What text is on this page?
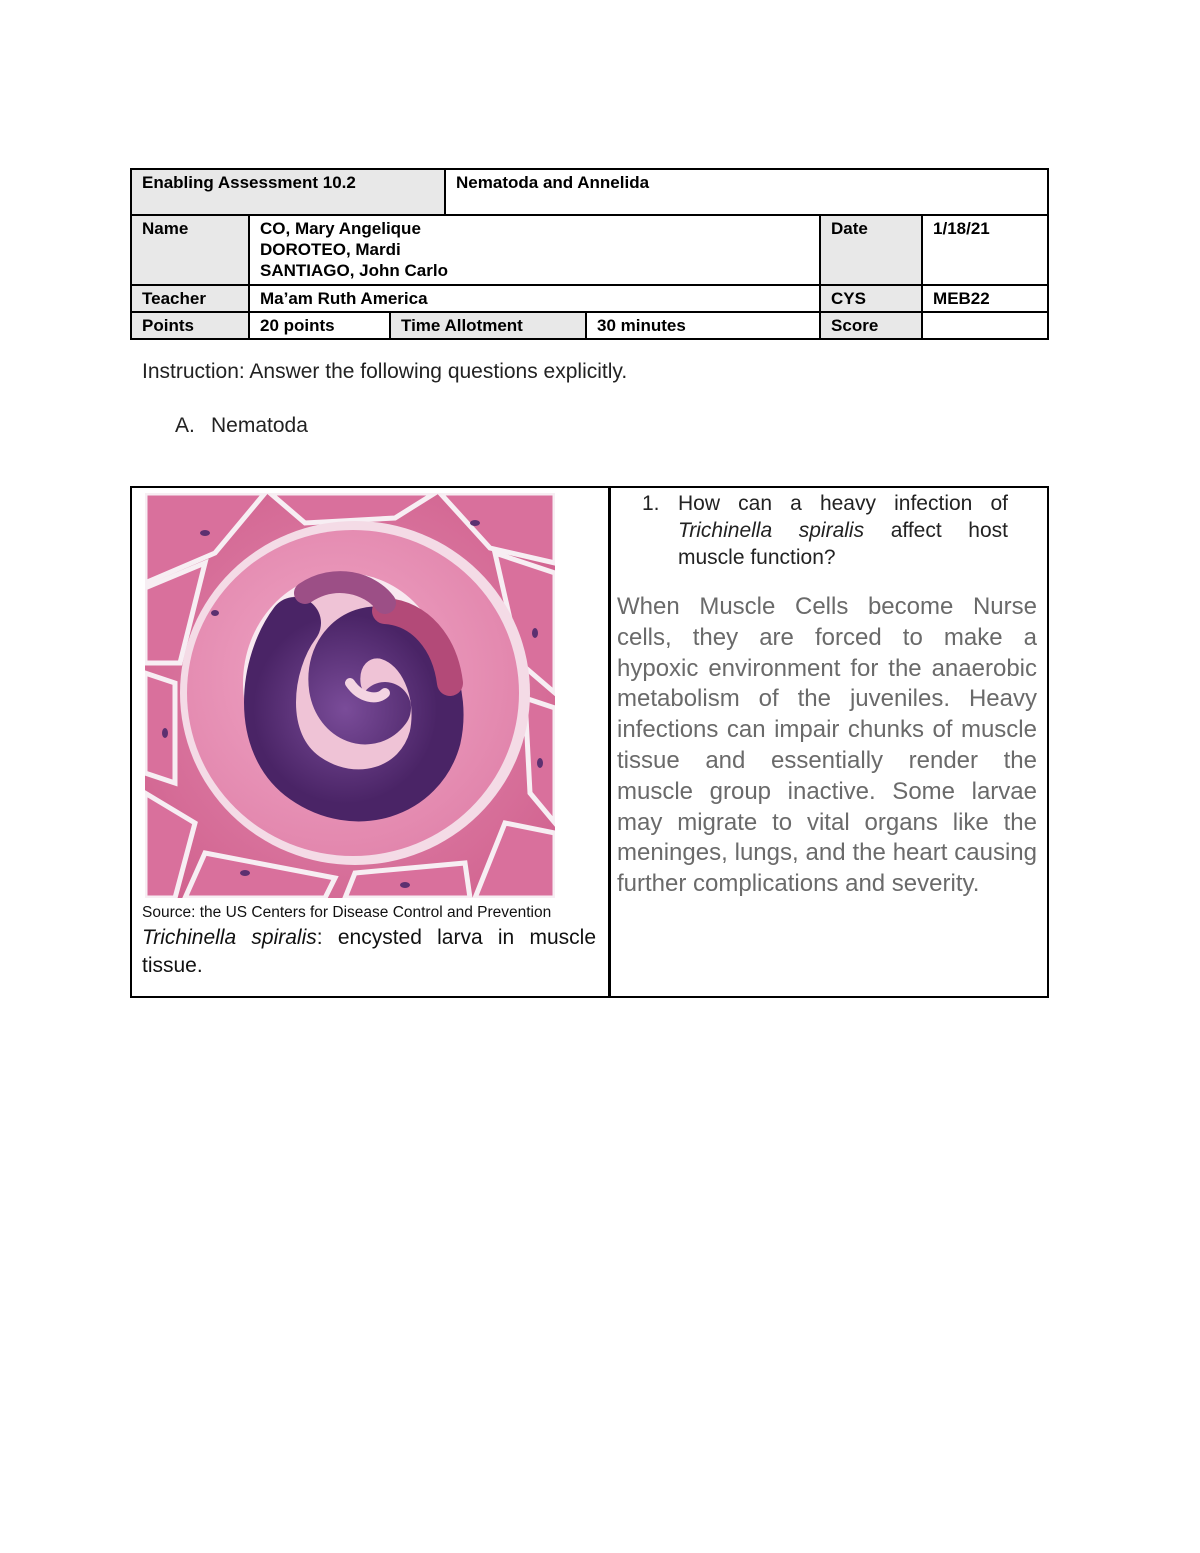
Enabling Assessment 10.2			Nematoda and Annelida			
Name	CO, Mary Angelique
DOROTEO, Mardi
SANTIAGO, John Carlo				Date	1/18/21
Teacher	Ma’am Ruth America				CYS	MEB22
Points	20 points	Time Allotment		30 minutes	Score	
Instruction: Answer the following questions explicitly.
A. Nematoda
Source: the US Centers for Disease Control and Prevention
Trichinella spiralis: encysted larva in muscle tissue.
1. How can a heavy infection of Trichinella spiralis affect host muscle function?
When Muscle Cells become Nurse cells, they are forced to make a hypoxic environment for the anaerobic metabolism of the juveniles. Heavy infections can impair chunks of muscle tissue and essentially render the muscle group inactive. Some larvae may migrate to vital organs like the meninges, lungs, and the heart causing further complications and severity.
